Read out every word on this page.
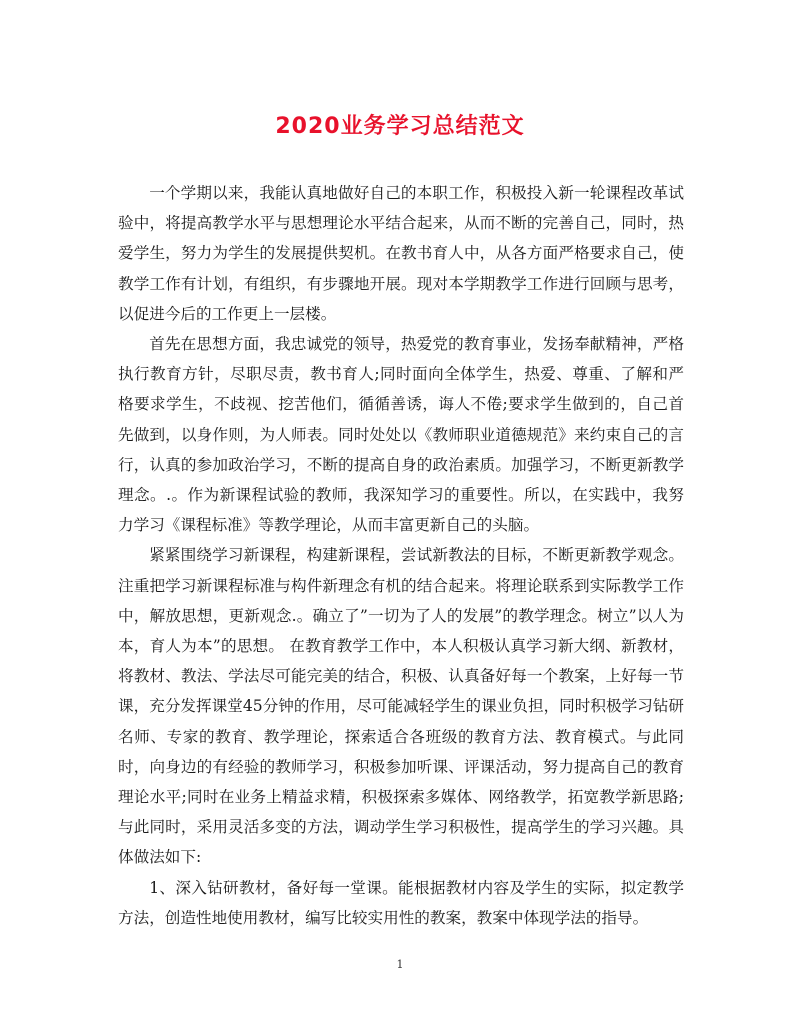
2020业务学习总结范文

一个学期以来，我能认真地做好自己的本职工作，积极投入新一轮课程改革试验中，将提高教学水平与思想理论水平结合起来，从而不断的完善自己，同时，热爱学生，努力为学生的发展提供契机。在教书育人中，从各方面严格要求自己，使教学工作有计划，有组织，有步骤地开展。现对本学期教学工作进行回顾与思考，以促进今后的工作更上一层楼。

首先在思想方面，我忠诚党的领导，热爱党的教育事业，发扬奉献精神，严格执行教育方针，尽职尽责，教书育人;同时面向全体学生，热爱、尊重、了解和严格要求学生，不歧视、挖苦他们，循循善诱，诲人不倦;要求学生做到的，自己首先做到，以身作则，为人师表。同时处处以《教师职业道德规范》来约束自己的言行，认真的参加政治学习，不断的提高自身的政治素质。加强学习，不断更新教学理念。.。作为新课程试验的教师，我深知学习的重要性。所以，在实践中，我努力学习《课程标准》等教学理论，从而丰富更新自己的头脑。

紧紧围绕学习新课程，构建新课程，尝试新教法的目标，不断更新教学观念。注重把学习新课程标准与构件新理念有机的结合起来。将理论联系到实际教学工作中，解放思想，更新观念.。确立了”一切为了人的发展”的教学理念。树立”以人为本，育人为本”的思想。 在教育教学工作中，本人积极认真学习新大纲、新教材，将教材、教法、学法尽可能完美的结合，积极、认真备好每一个教案，上好每一节课，充分发挥课堂45分钟的作用，尽可能减轻学生的课业负担，同时积极学习钻研名师、专家的教育、教学理论，探索适合各班级的教育方法、教育模式。与此同时，向身边的有经验的教师学习，积极参加听课、评课活动，努力提高自己的教育理论水平;同时在业务上精益求精，积极探索多媒体、网络教学，拓宽教学新思路;与此同时，采用灵活多变的方法，调动学生学习积极性，提高学生的学习兴趣。具体做法如下:

1、深入钻研教材，备好每一堂课。能根据教材内容及学生的实际，拟定教学方法，创造性地使用教材，编写比较实用性的教案，教案中体现学法的指导。

1
